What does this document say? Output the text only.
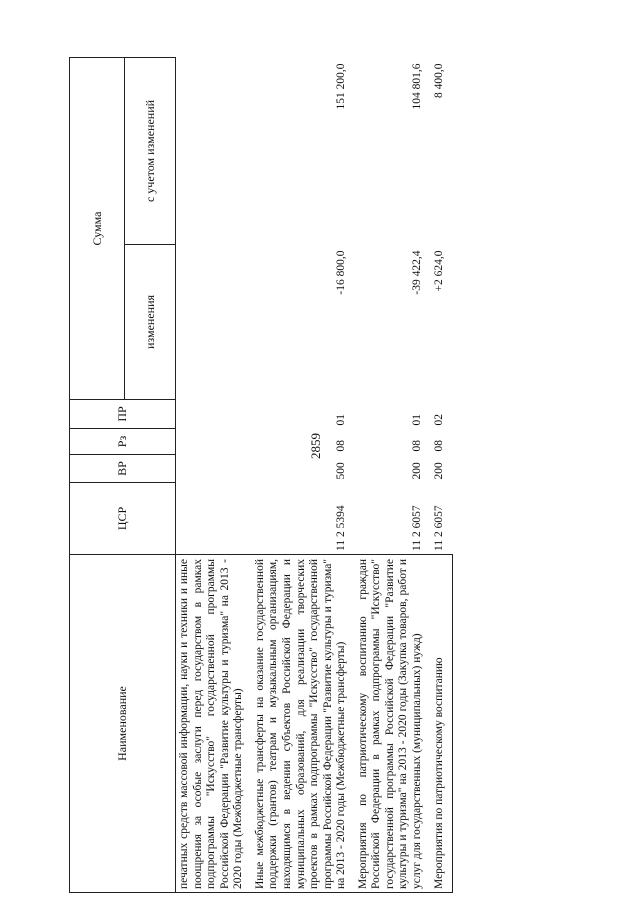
2859
Наименование	ЦСР	ВР	Рз	ПР	Сумма	
					изменения	с учетом изменений
печатных средств массовой информации, науки и техники и иные поощрения за особые заслуги перед государством в рамках подпрограммы "Искусство" государственной программы Российской Федерации "Развитие культуры и туризма" на 2013 - 2020 годы (Межбюджетные трансферты)						
Иные межбюджетные трансферты на оказание государственной поддержки (грантов) театрам и музыкальным организациям, находящимся в ведении субъектов Российской Федерации и муниципальных образований, для реализации творческих проектов в рамках подпрограммы "Искусство" государственной программы Российской Федерации "Развитие культуры и туризма" на 2013 - 2020 годы (Межбюджетные трансферты)	11 2 5394	500	08	01	-16 800,0	151 200,0
Мероприятия по патриотическому воспитанию граждан Российской Федерации в рамках подпрограммы "Искусство" государственной программы Российской Федерации "Развитие культуры и туризма" на 2013 - 2020 годы (Закупка товаров, работ и услуг для государственных (муниципальных) нужд)	11 2 6057	200	08	01	-39 422,4	104 801,6
Мероприятия по патриотическому воспитанию	11 2 6057	200	08	02	+2 624,0	8 400,0
